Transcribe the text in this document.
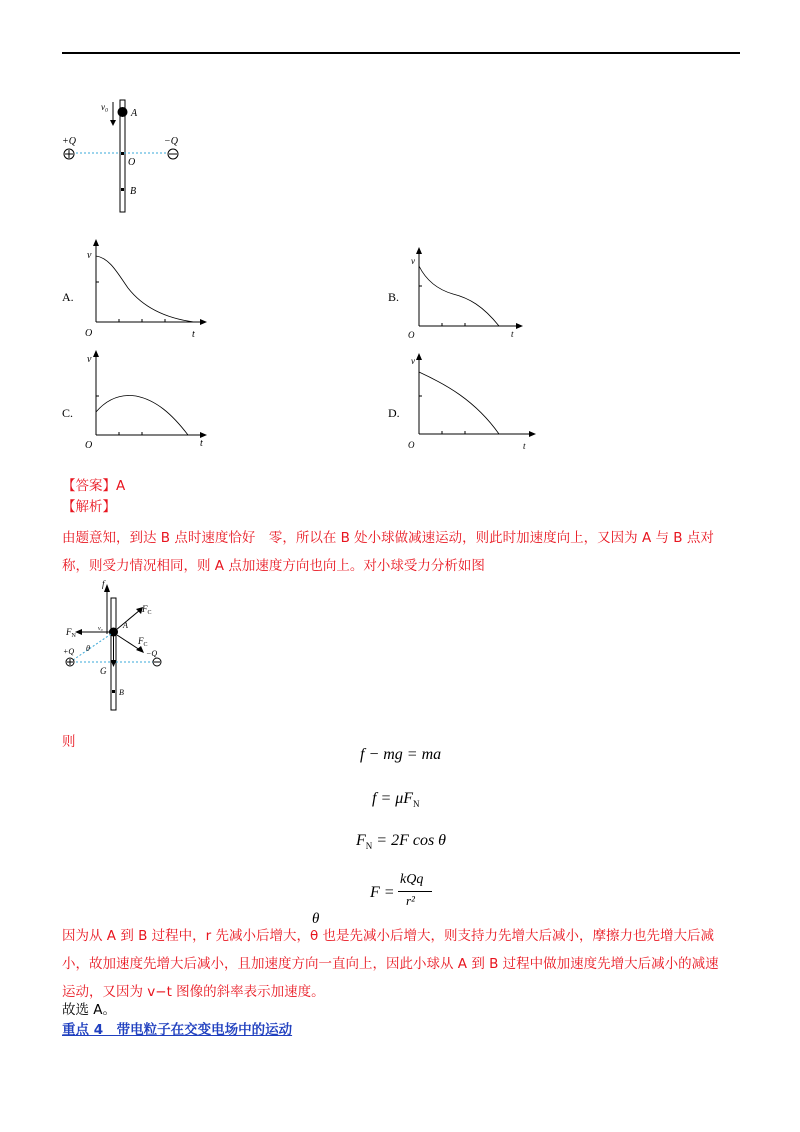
v₀
A
+Q	−Q
O
B
A.
v
O	t
B.
v
O	t
C.
v
O	t
D.
v
O	t
【答案】A
【解析】
由题意知，到达 B 点时速度恰好　零，所以在 B 处小球做减速运动，则此时加速度向上，又因为 A 与 B 点对
称，则受力情况相同，则 A 点加速度方向也向上。对小球受力分析如图
f
$F_C$
$F_N$
v₀	A
$F_C$
θ
+Q	−Q
G
B
则
f − mg = ma
$f = \mu F_N$
$F_N = 2F$ cos θ
F =
kQq
r²
θ
因为从 A 到 B 过程中，r 先减小后增大，θ 也是先减小后增大，则支持力先增大后减小，摩擦力也先增大后减
小，故加速度先增大后减小，且加速度方向一直向上，因此小球从 A 到 B 过程中做加速度先增大后减小的减速
运动，又因为 v−t 图像的斜率表示加速度。
故选 A。
重点 4　带电粒子在交变电场中的运动
